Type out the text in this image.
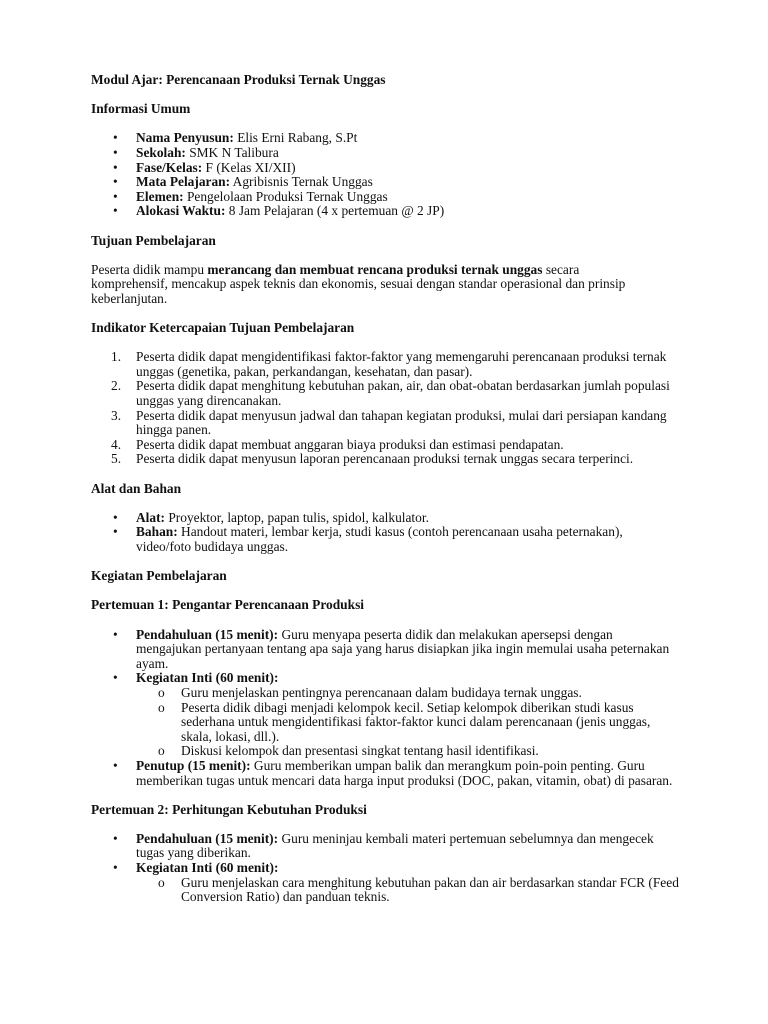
Modul Ajar: Perencanaan Produksi Ternak Unggas

Informasi Umum

• Nama Penyusun: Elis Erni Rabang, S.Pt
• Sekolah: SMK N Talibura
• Fase/Kelas: F (Kelas XI/XII)
• Mata Pelajaran: Agribisnis Ternak Unggas
• Elemen: Pengelolaan Produksi Ternak Unggas
• Alokasi Waktu: 8 Jam Pelajaran (4 x pertemuan @ 2 JP)

Tujuan Pembelajaran

Peserta didik mampu merancang dan membuat rencana produksi ternak unggas secara komprehensif, mencakup aspek teknis dan ekonomis, sesuai dengan standar operasional dan prinsip keberlanjutan.

Indikator Ketercapaian Tujuan Pembelajaran

1. Peserta didik dapat mengidentifikasi faktor-faktor yang memengaruhi perencanaan produksi ternak unggas (genetika, pakan, perkandangan, kesehatan, dan pasar).
2. Peserta didik dapat menghitung kebutuhan pakan, air, dan obat-obatan berdasarkan jumlah populasi unggas yang direncanakan.
3. Peserta didik dapat menyusun jadwal dan tahapan kegiatan produksi, mulai dari persiapan kandang hingga panen.
4. Peserta didik dapat membuat anggaran biaya produksi dan estimasi pendapatan.
5. Peserta didik dapat menyusun laporan perencanaan produksi ternak unggas secara terperinci.

Alat dan Bahan

• Alat: Proyektor, laptop, papan tulis, spidol, kalkulator.
• Bahan: Handout materi, lembar kerja, studi kasus (contoh perencanaan usaha peternakan), video/foto budidaya unggas.

Kegiatan Pembelajaran

Pertemuan 1: Pengantar Perencanaan Produksi

• Pendahuluan (15 menit): Guru menyapa peserta didik dan melakukan apersepsi dengan mengajukan pertanyaan tentang apa saja yang harus disiapkan jika ingin memulai usaha peternakan ayam.
• Kegiatan Inti (60 menit):
o Guru menjelaskan pentingnya perencanaan dalam budidaya ternak unggas.
o Peserta didik dibagi menjadi kelompok kecil. Setiap kelompok diberikan studi kasus sederhana untuk mengidentifikasi faktor-faktor kunci dalam perencanaan (jenis unggas, skala, lokasi, dll.).
o Diskusi kelompok dan presentasi singkat tentang hasil identifikasi.
• Penutup (15 menit): Guru memberikan umpan balik dan merangkum poin-poin penting. Guru memberikan tugas untuk mencari data harga input produksi (DOC, pakan, vitamin, obat) di pasaran.

Pertemuan 2: Perhitungan Kebutuhan Produksi

• Pendahuluan (15 menit): Guru meninjau kembali materi pertemuan sebelumnya dan mengecek tugas yang diberikan.
• Kegiatan Inti (60 menit):
o Guru menjelaskan cara menghitung kebutuhan pakan dan air berdasarkan standar FCR (Feed Conversion Ratio) dan panduan teknis.
